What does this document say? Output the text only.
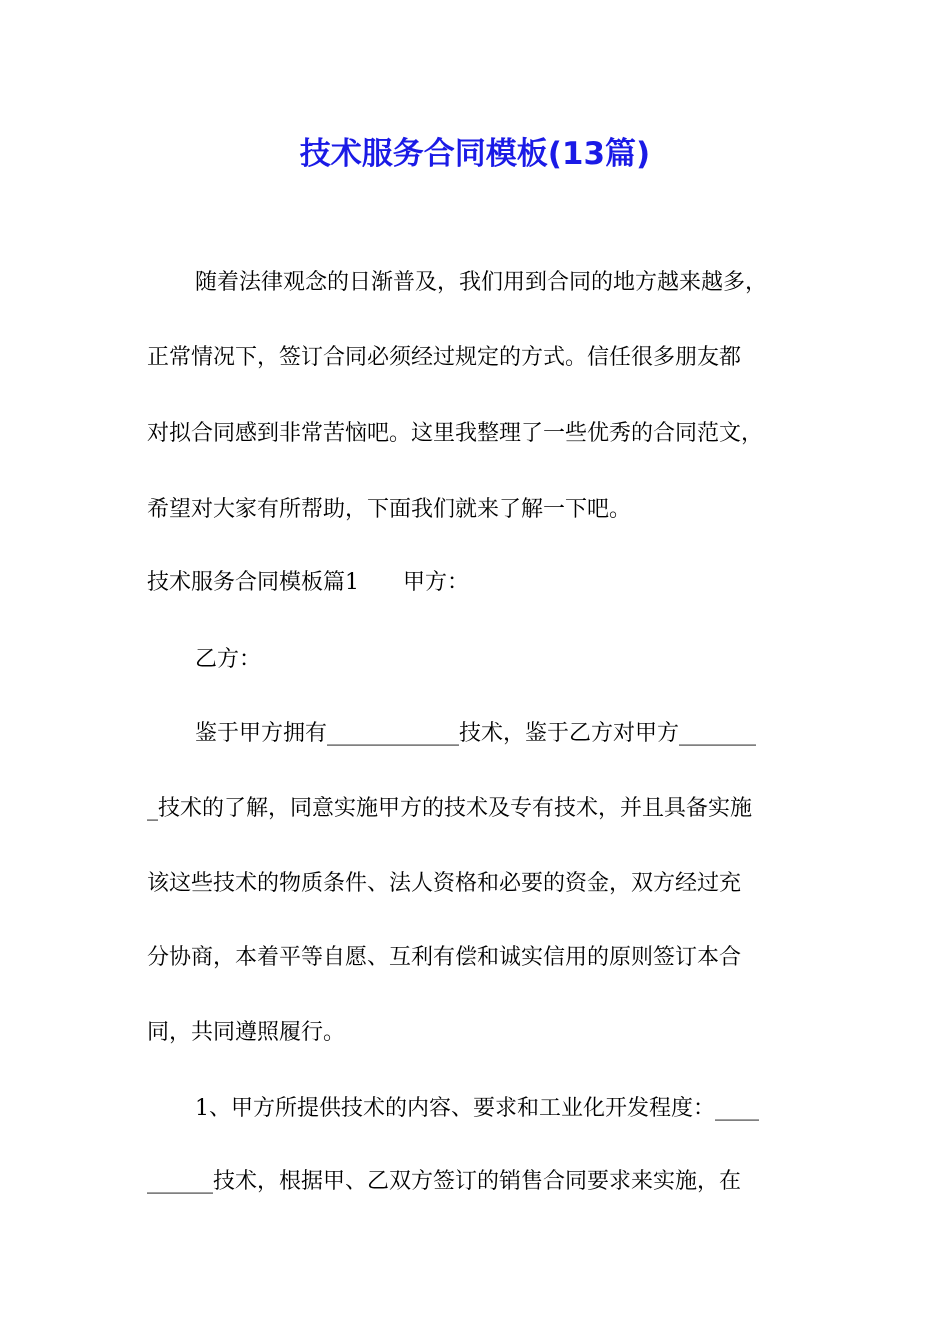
技术服务合同模板(13篇)

随着法律观念的日渐普及，我们用到合同的地方越来越多，

正常情况下，签订合同必须经过规定的方式。信任很多朋友都

对拟合同感到非常苦恼吧。这里我整理了一些优秀的合同范文，

希望对大家有所帮助，下面我们就来了解一下吧。

技术服务合同模板篇1　　甲方：

乙方：

鉴于甲方拥有____________技术，鉴于乙方对甲方_______

_技术的了解，同意实施甲方的技术及专有技术，并且具备实施

该这些技术的物质条件、法人资格和必要的资金，双方经过充

分协商，本着平等自愿、互利有偿和诚实信用的原则签订本合

同，共同遵照履行。

1、甲方所提供技术的内容、要求和工业化开发程度：____

______技术，根据甲、乙双方签订的销售合同要求来实施，在
